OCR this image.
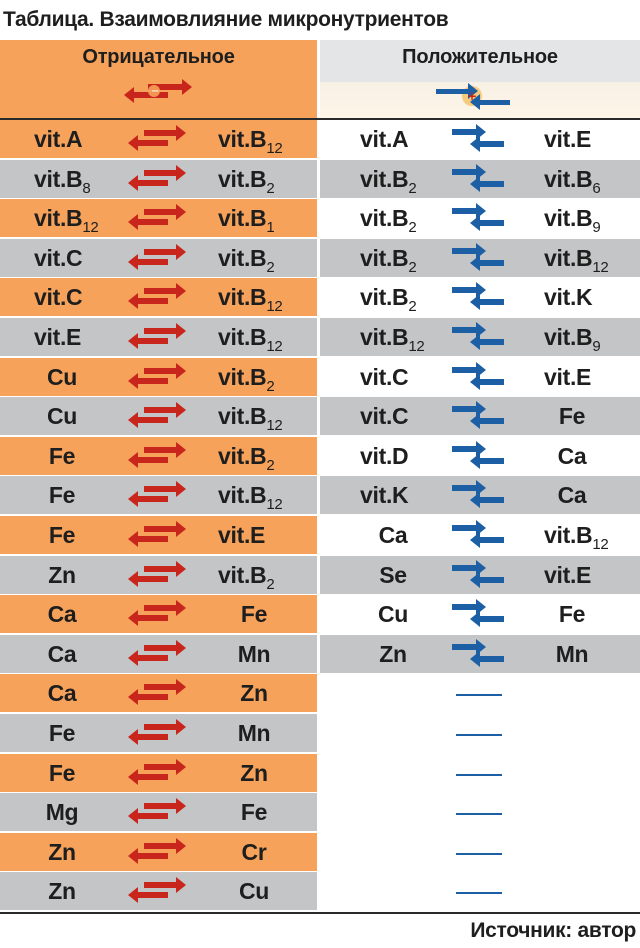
Таблица. Взаимовлияние микронутриентов
Отрицательное
−
Положительное
+
vit.A	$vit.B_{12}$	vit.A	vit.E
$vit.B_8$	$vit.B_2$	$vit.B_2$	$vit.B_6$
$vit.B_{12}$	$vit.B_1$	$vit.B_2$	$vit.B_9$
vit.C	$vit.B_2$	$vit.B_2$	$vit.B_{12}$
vit.C	$vit.B_{12}$	$vit.B_2$	vit.K
vit.E	$vit.B_{12}$	$vit.B_{12}$	$vit.B_9$
Cu	$vit.B_2$	vit.C	vit.E
Cu	$vit.B_{12}$	vit.C	Fe
Fe	$vit.B_2$	vit.D	Ca
Fe	$vit.B_{12}$	vit.K	Ca
Fe	vit.E	Ca	$vit.B_{12}$
Zn	$vit.B_2$	Se	vit.E
Ca	Fe	Cu	Fe
Ca	Mn	Zn	Mn
Ca	Zn
Fe	Mn
Fe	Zn
Mg	Fe
Zn	Cr
Zn	Cu
Источник: автор
